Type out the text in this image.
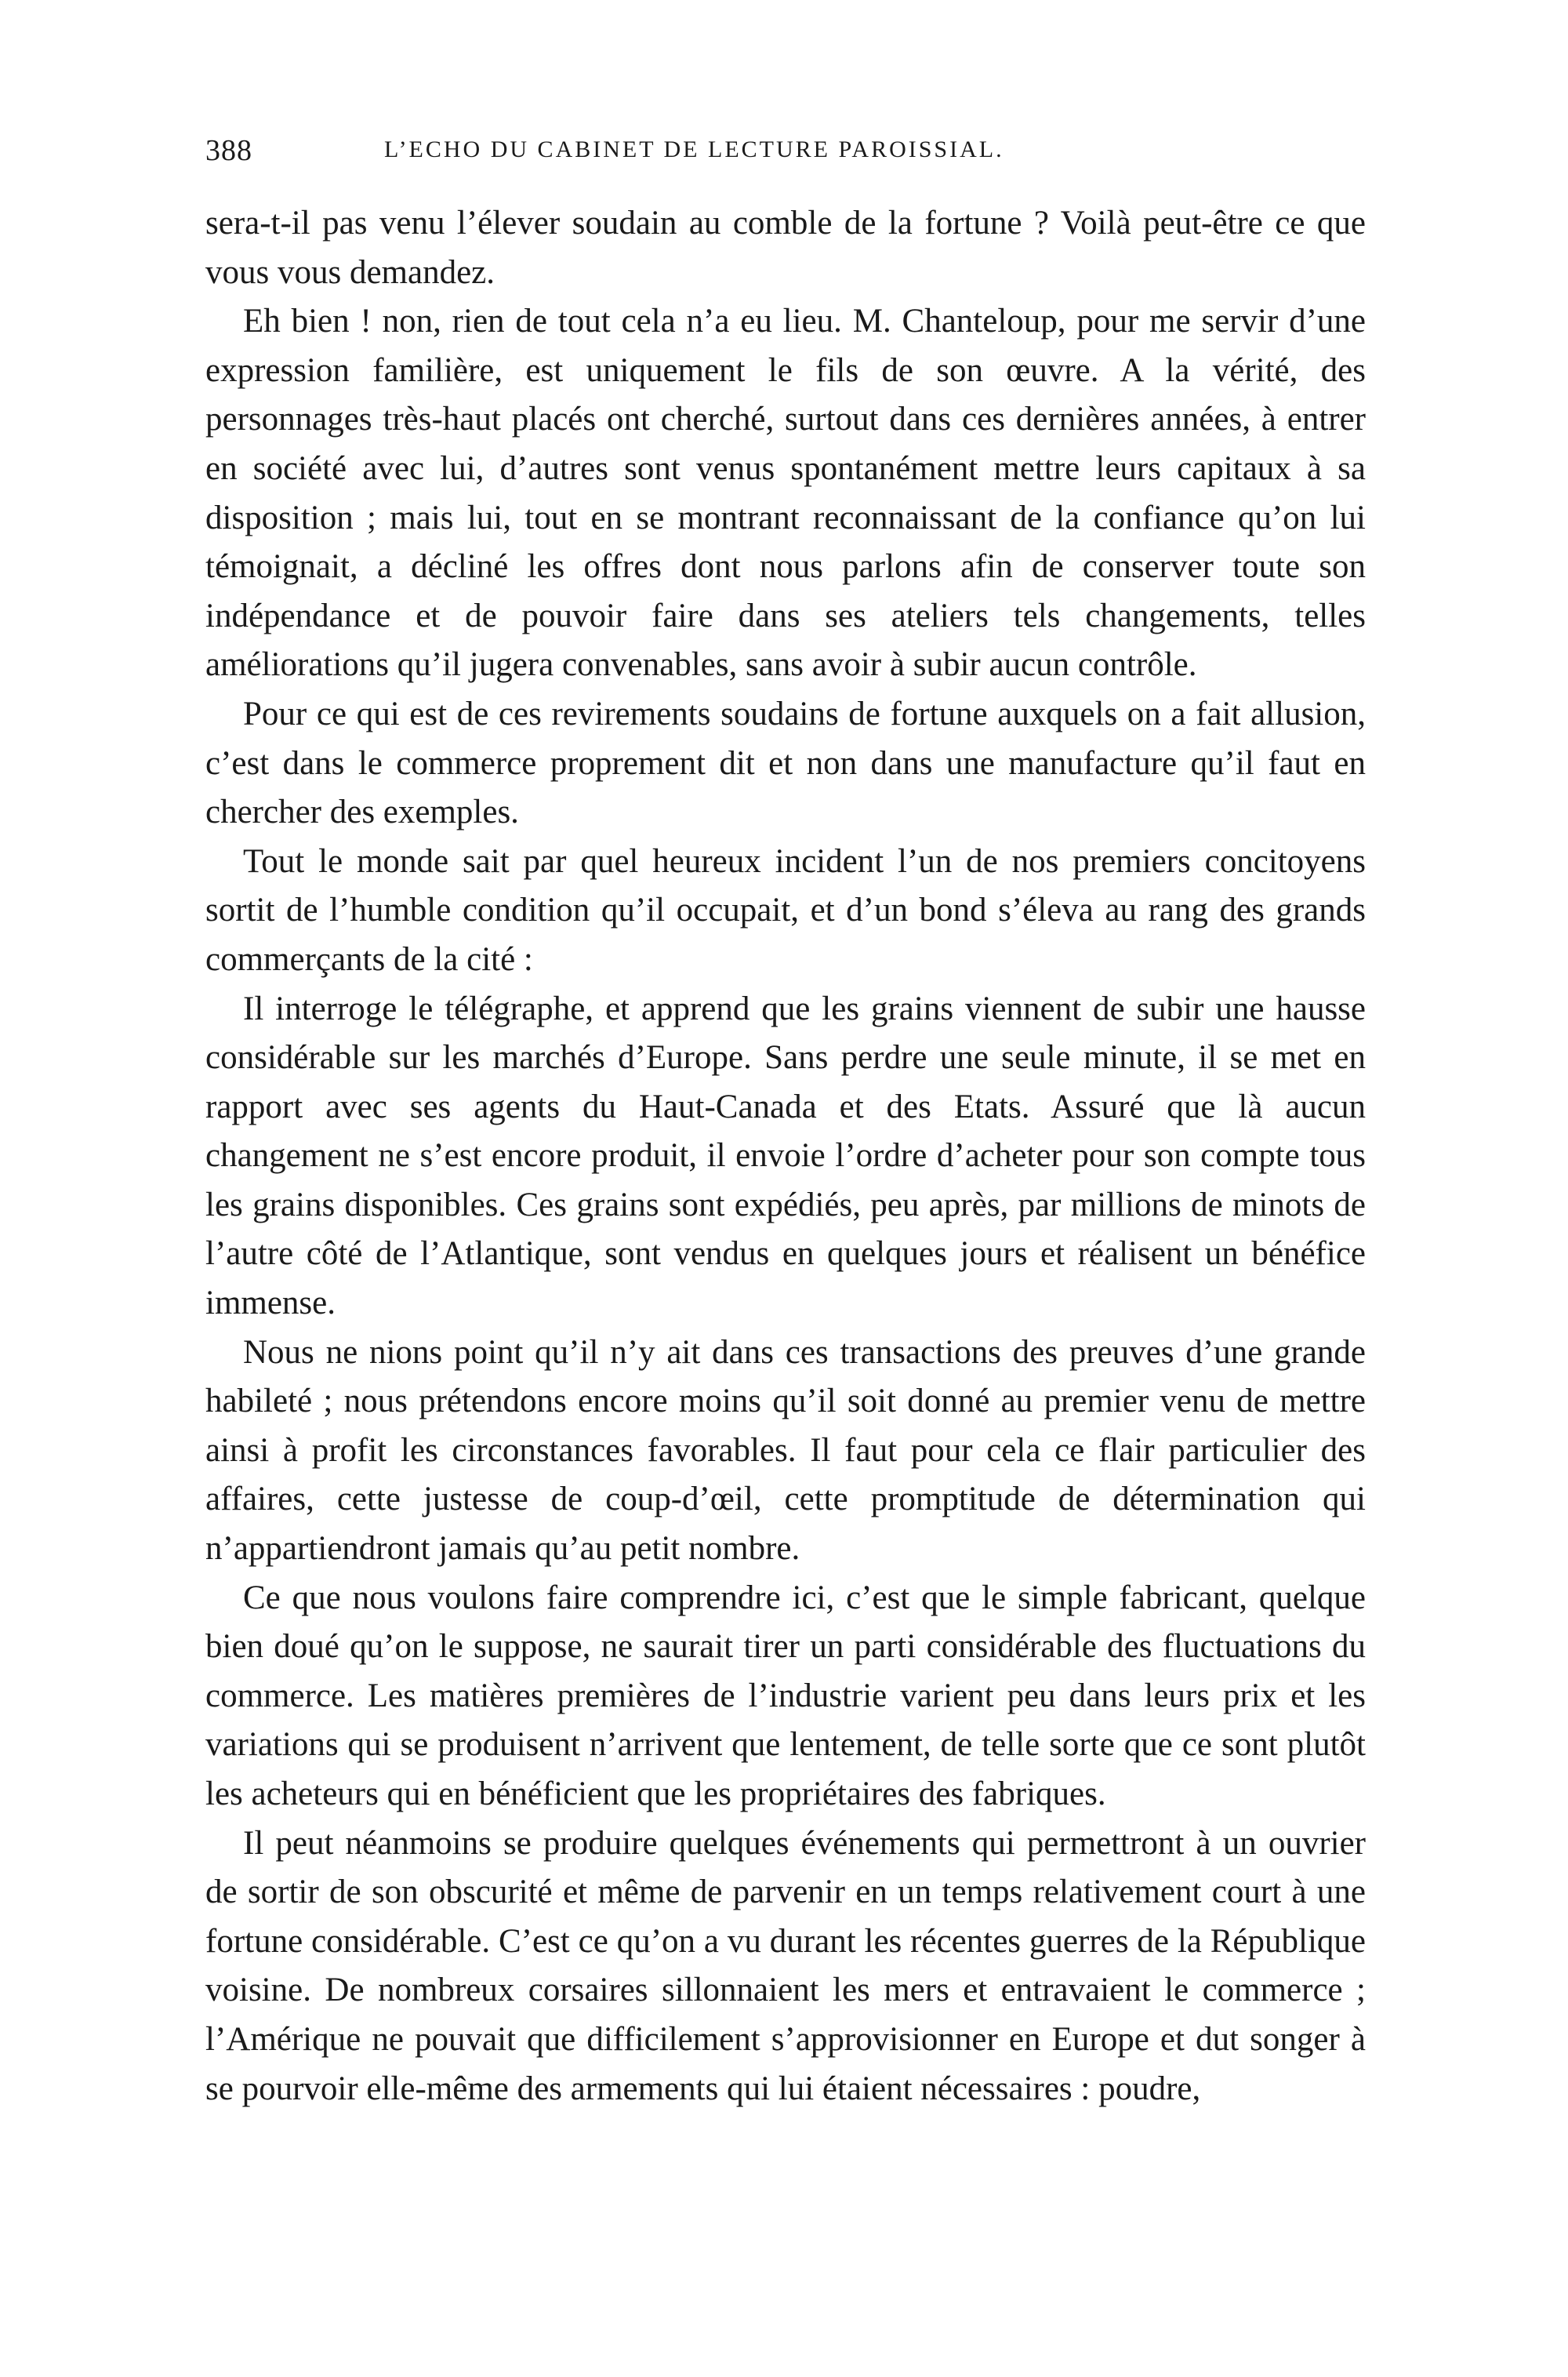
388	L’ECHO DU CABINET DE LECTURE PAROISSIAL.

sera-t-il pas venu l’élever soudain au comble de la fortune ? Voilà peut-être ce que vous vous demandez.

Eh bien ! non, rien de tout cela n’a eu lieu. M. Chanteloup, pour me servir d’une expression familière, est uniquement le fils de son œuvre. A la vérité, des personnages très-haut placés ont cherché, surtout dans ces dernières années, à entrer en société avec lui, d’autres sont venus spontanément mettre leurs capitaux à sa disposition ; mais lui, tout en se montrant reconnaissant de la confiance qu’on lui témoignait, a décliné les offres dont nous parlons afin de conserver toute son indépendance et de pouvoir faire dans ses ateliers tels changements, telles améliorations qu’il jugera convenables, sans avoir à subir aucun contrôle.

Pour ce qui est de ces revirements soudains de fortune auxquels on a fait allusion, c’est dans le commerce proprement dit et non dans une manufacture qu’il faut en chercher des exemples.

Tout le monde sait par quel heureux incident l’un de nos premiers concitoyens sortit de l’humble condition qu’il occupait, et d’un bond s’éleva au rang des grands commerçants de la cité :

Il interroge le télégraphe, et apprend que les grains viennent de subir une hausse considérable sur les marchés d’Europe. Sans perdre une seule minute, il se met en rapport avec ses agents du Haut-Canada et des Etats. Assuré que là aucun changement ne s’est encore produit, il envoie l’ordre d’acheter pour son compte tous les grains disponibles. Ces grains sont expédiés, peu après, par millions de minots de l’autre côté de l’Atlantique, sont vendus en quelques jours et réalisent un bénéfice immense.

Nous ne nions point qu’il n’y ait dans ces transactions des preuves d’une grande habileté ; nous prétendons encore moins qu’il soit donné au premier venu de mettre ainsi à profit les circonstances favorables. Il faut pour cela ce flair particulier des affaires, cette justesse de coup-d’œil, cette promptitude de détermination qui n’appartiendront jamais qu’au petit nombre.

Ce que nous voulons faire comprendre ici, c’est que le simple fabricant, quelque bien doué qu’on le suppose, ne saurait tirer un parti considérable des fluctuations du commerce. Les matières premières de l’industrie varient peu dans leurs prix et les variations qui se produisent n’arrivent que lentement, de telle sorte que ce sont plutôt les acheteurs qui en bénéficient que les propriétaires des fabriques.

Il peut néanmoins se produire quelques événements qui permettront à un ouvrier de sortir de son obscurité et même de parvenir en un temps relativement court à une fortune considérable. C’est ce qu’on a vu durant les récentes guerres de la République voisine. De nombreux corsaires sillonnaient les mers et entravaient le commerce ; l’Amérique ne pouvait que difficilement s’approvisionner en Europe et dut songer à se pourvoir elle-même des armements qui lui étaient nécessaires : poudre,
